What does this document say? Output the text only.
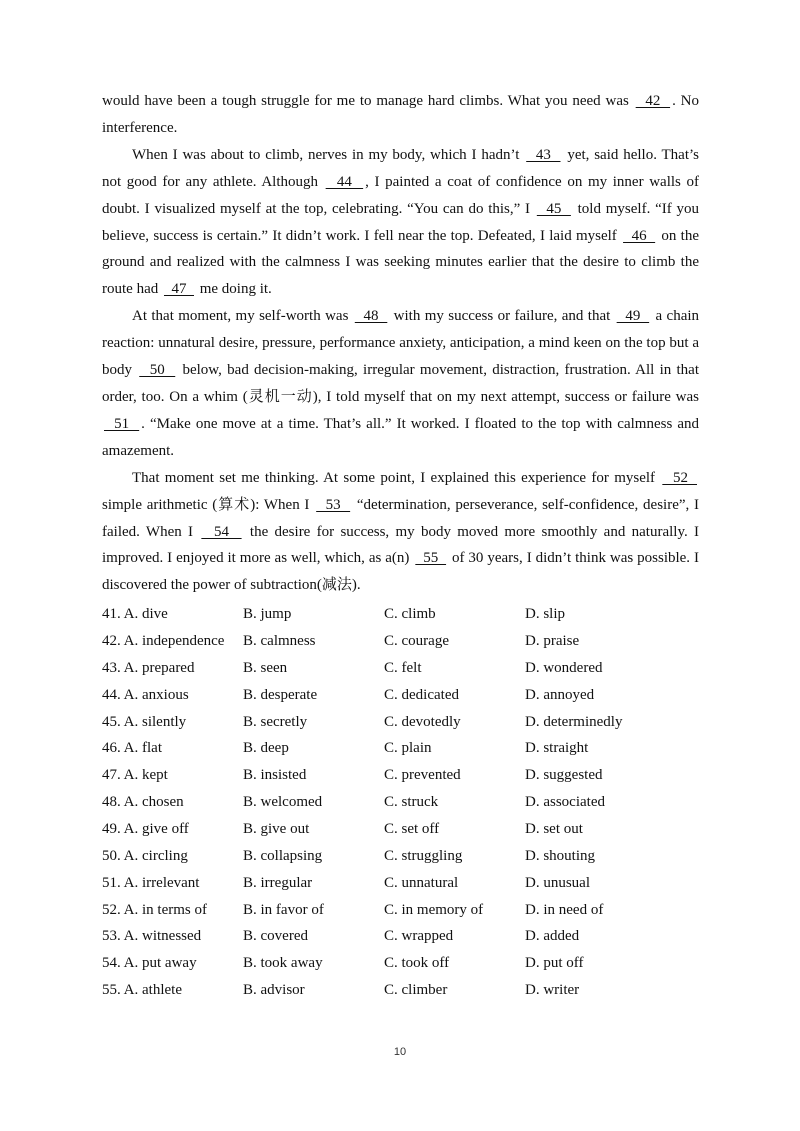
would have been a tough struggle for me to manage hard climbs. What you need was   42  . No interference.

When I was about to climb, nerves in my body, which I hadn’t   43   yet, said hello. That’s not good for any athlete. Although   44  , I painted a coat of confidence on my inner walls of doubt. I visualized myself at the top, celebrating. “You can do this,” I   45   told myself. “If you believe, success is certain.” It didn’t work. I fell near the top. Defeated, I laid myself   46   on the ground and realized with the calmness I was seeking minutes earlier that the desire to climb the route had   47   me doing it.

At that moment, my self-worth was   48   with my success or failure, and that   49   a chain reaction: unnatural desire, pressure, performance anxiety, anticipation, a mind keen on the top but a body   50   below, bad decision-making, irregular movement, distraction, frustration. All in that order, too. On a whim (灵机一动), I told myself that on my next attempt, success or failure was   51  . “Make one move at a time. That’s all.” It worked. I floated to the top with calmness and amazement.

That moment set me thinking. At some point, I explained this experience for myself   52   simple arithmetic (算术): When I   53   “determination, perseverance, self-confidence, desire”, I failed. When I   54   the desire for success, my body moved more smoothly and naturally. I improved. I enjoyed it more as well, which, as a(n)   55   of 30 years, I didn’t think was possible. I discovered the power of subtraction(减法).

41. A. dive	B. jump	C. climb	D. slip
42. A. independence	B. calmness	C. courage	D. praise
43. A. prepared	B. seen	C. felt	D. wondered
44. A. anxious	B. desperate	C. dedicated	D. annoyed
45. A. silently	B. secretly	C. devotedly	D. determinedly
46. A. flat	B. deep	C. plain	D. straight
47. A. kept	B. insisted	C. prevented	D. suggested
48. A. chosen	B. welcomed	C. struck	D. associated
49. A. give off	B. give out	C. set off	D. set out
50. A. circling	B. collapsing	C. struggling	D. shouting
51. A. irrelevant	B. irregular	C. unnatural	D. unusual
52. A. in terms of	B. in favor of	C. in memory of	D. in need of
53. A. witnessed	B. covered	C. wrapped	D. added
54. A. put away	B. took away	C. took off	D. put off
55. A. athlete	B. advisor	C. climber	D. writer
10
